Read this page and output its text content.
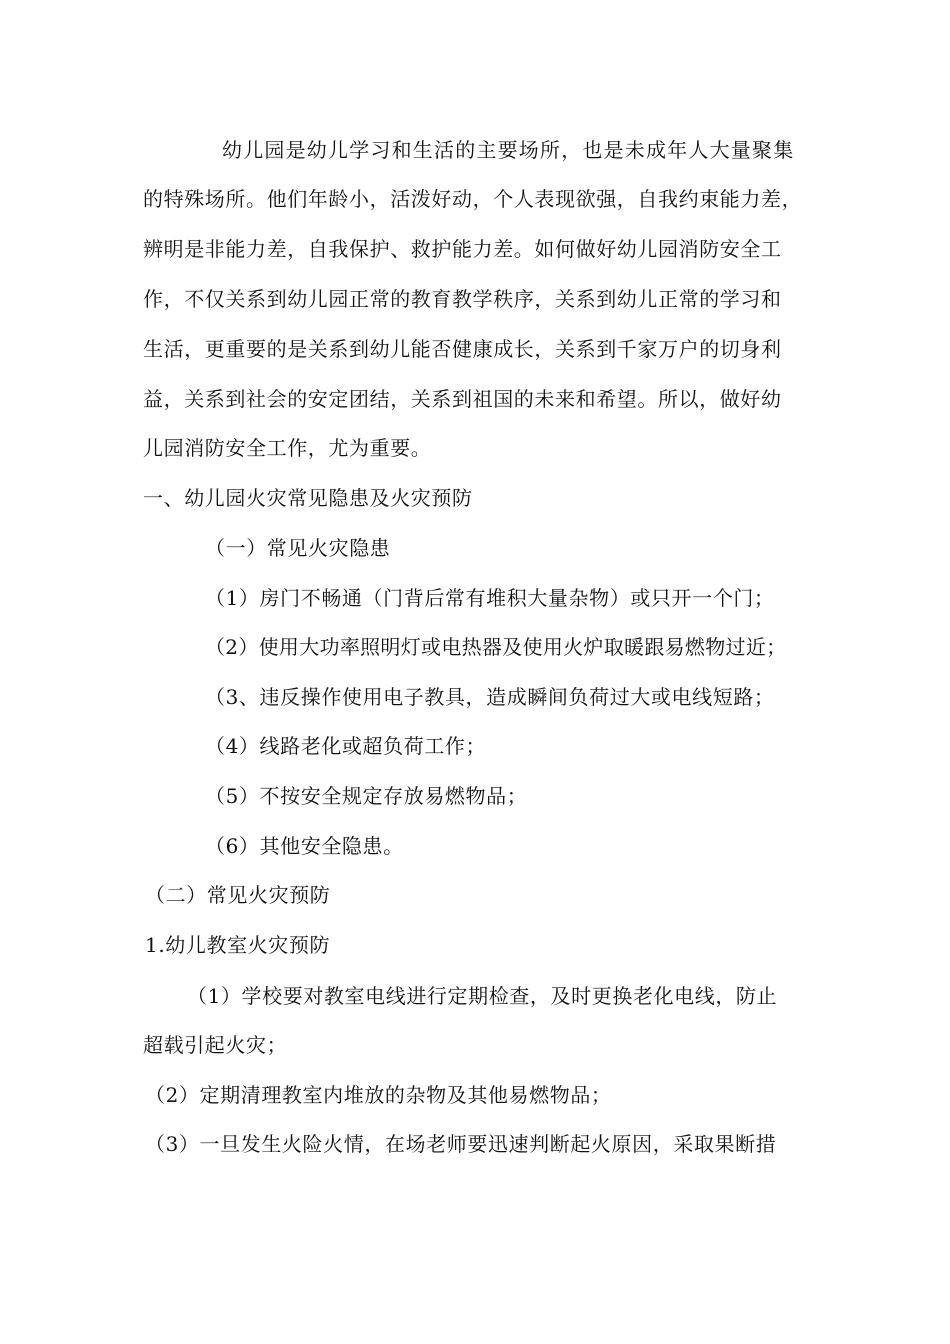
幼儿园是幼儿学习和生活的主要场所，也是未成年人大量聚集

的特殊场所。他们年龄小，活泼好动，个人表现欲强，自我约束能力差，

辨明是非能力差，自我保护、救护能力差。如何做好幼儿园消防安全工

作，不仅关系到幼儿园正常的教育教学秩序，关系到幼儿正常的学习和

生活，更重要的是关系到幼儿能否健康成长，关系到千家万户的切身利

益，关系到社会的安定团结，关系到祖国的未来和希望。所以，做好幼

儿园消防安全工作，尤为重要。

一、幼儿园火灾常见隐患及火灾预防

（一）常见火灾隐患

（1）房门不畅通（门背后常有堆积大量杂物）或只开一个门；

（2）使用大功率照明灯或电热器及使用火炉取暖跟易燃物过近；

（3、违反操作使用电子教具，造成瞬间负荷过大或电线短路；

（4）线路老化或超负荷工作；

（5）不按安全规定存放易燃物品；

（6）其他安全隐患。

（二）常见火灾预防

1.幼儿教室火灾预防

（1）学校要对教室电线进行定期检查，及时更换老化电线，防止

超载引起火灾；

（2）定期清理教室内堆放的杂物及其他易燃物品；

（3）一旦发生火险火情，在场老师要迅速判断起火原因，采取果断措
